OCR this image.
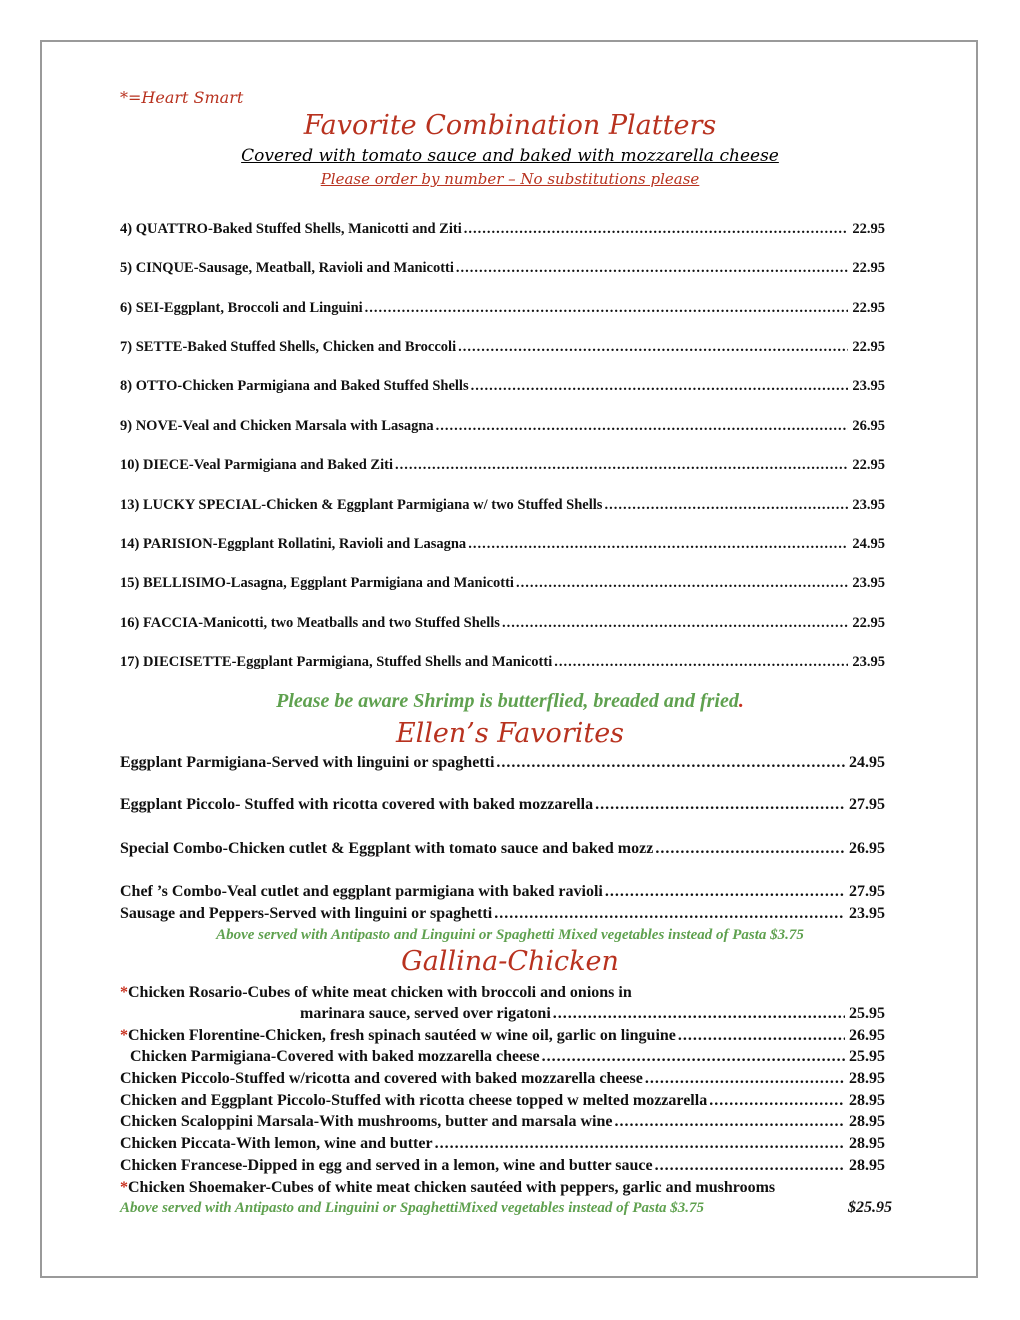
*=Heart Smart
Favorite Combination Platters
Covered with tomato sauce and baked with mozzarella cheese
Please order by number – No substitutions please
4) QUATTRO-Baked Stuffed Shells, Manicotti and Ziti .....	22.95
5) CINQUE-Sausage, Meatball, Ravioli and Manicotti .....	22.95
6) SEI-Eggplant, Broccoli and Linguini .....	22.95
7) SETTE-Baked Stuffed Shells, Chicken and Broccoli .....	22.95
8) OTTO-Chicken Parmigiana and Baked Stuffed Shells .....	23.95
9) NOVE-Veal and Chicken Marsala with Lasagna .....	26.95
10) DIECE-Veal Parmigiana and Baked Ziti .....	22.95
13) LUCKY SPECIAL-Chicken & Eggplant Parmigiana w/ two Stuffed Shells .....	23.95
14) PARISION-Eggplant Rollatini, Ravioli and Lasagna .....	24.95
15) BELLISIMO-Lasagna, Eggplant Parmigiana and Manicotti .....	23.95
16) FACCIA-Manicotti, two Meatballs and two Stuffed Shells .....	22.95
17) DIECISETTE-Eggplant Parmigiana, Stuffed Shells and Manicotti .....	23.95
Please be aware Shrimp is butterflied, breaded and fried.
Ellen’s Favorites
Eggplant Parmigiana-Served with linguini or spaghetti .....	24.95
Eggplant Piccolo- Stuffed with ricotta covered with baked mozzarella .....	27.95
Special Combo-Chicken cutlet & Eggplant with tomato sauce and baked mozz .....	26.95
Chef ’s Combo-Veal cutlet and eggplant parmigiana with baked ravioli .....	27.95
Sausage and Peppers-Served with linguini or spaghetti .....	23.95
Above served with Antipasto and Linguini or Spaghetti Mixed vegetables instead of Pasta $3.75
Gallina-Chicken
*Chicken Rosario-Cubes of white meat chicken with broccoli and onions in
marinara sauce, served over rigatoni .....	25.95
*Chicken Florentine-Chicken, fresh spinach sautéed w wine oil, garlic on linguine .....	26.95
Chicken Parmigiana-Covered with baked mozzarella cheese .....	25.95
Chicken Piccolo-Stuffed w/ricotta and covered with baked mozzarella cheese .....	28.95
Chicken and Eggplant Piccolo-Stuffed with ricotta cheese topped w melted mozzarella .....	28.95
Chicken Scaloppini Marsala-With mushrooms, butter and marsala wine .....	28.95
Chicken Piccata-With lemon, wine and butter .....	28.95
Chicken Francese-Dipped in egg and served in a lemon, wine and butter sauce .....	28.95
*Chicken Shoemaker-Cubes of white meat chicken sautéed with peppers, garlic and mushrooms
Above served with Antipasto and Linguini or SpaghettiMixed vegetables instead of Pasta $3.75	$25.95
